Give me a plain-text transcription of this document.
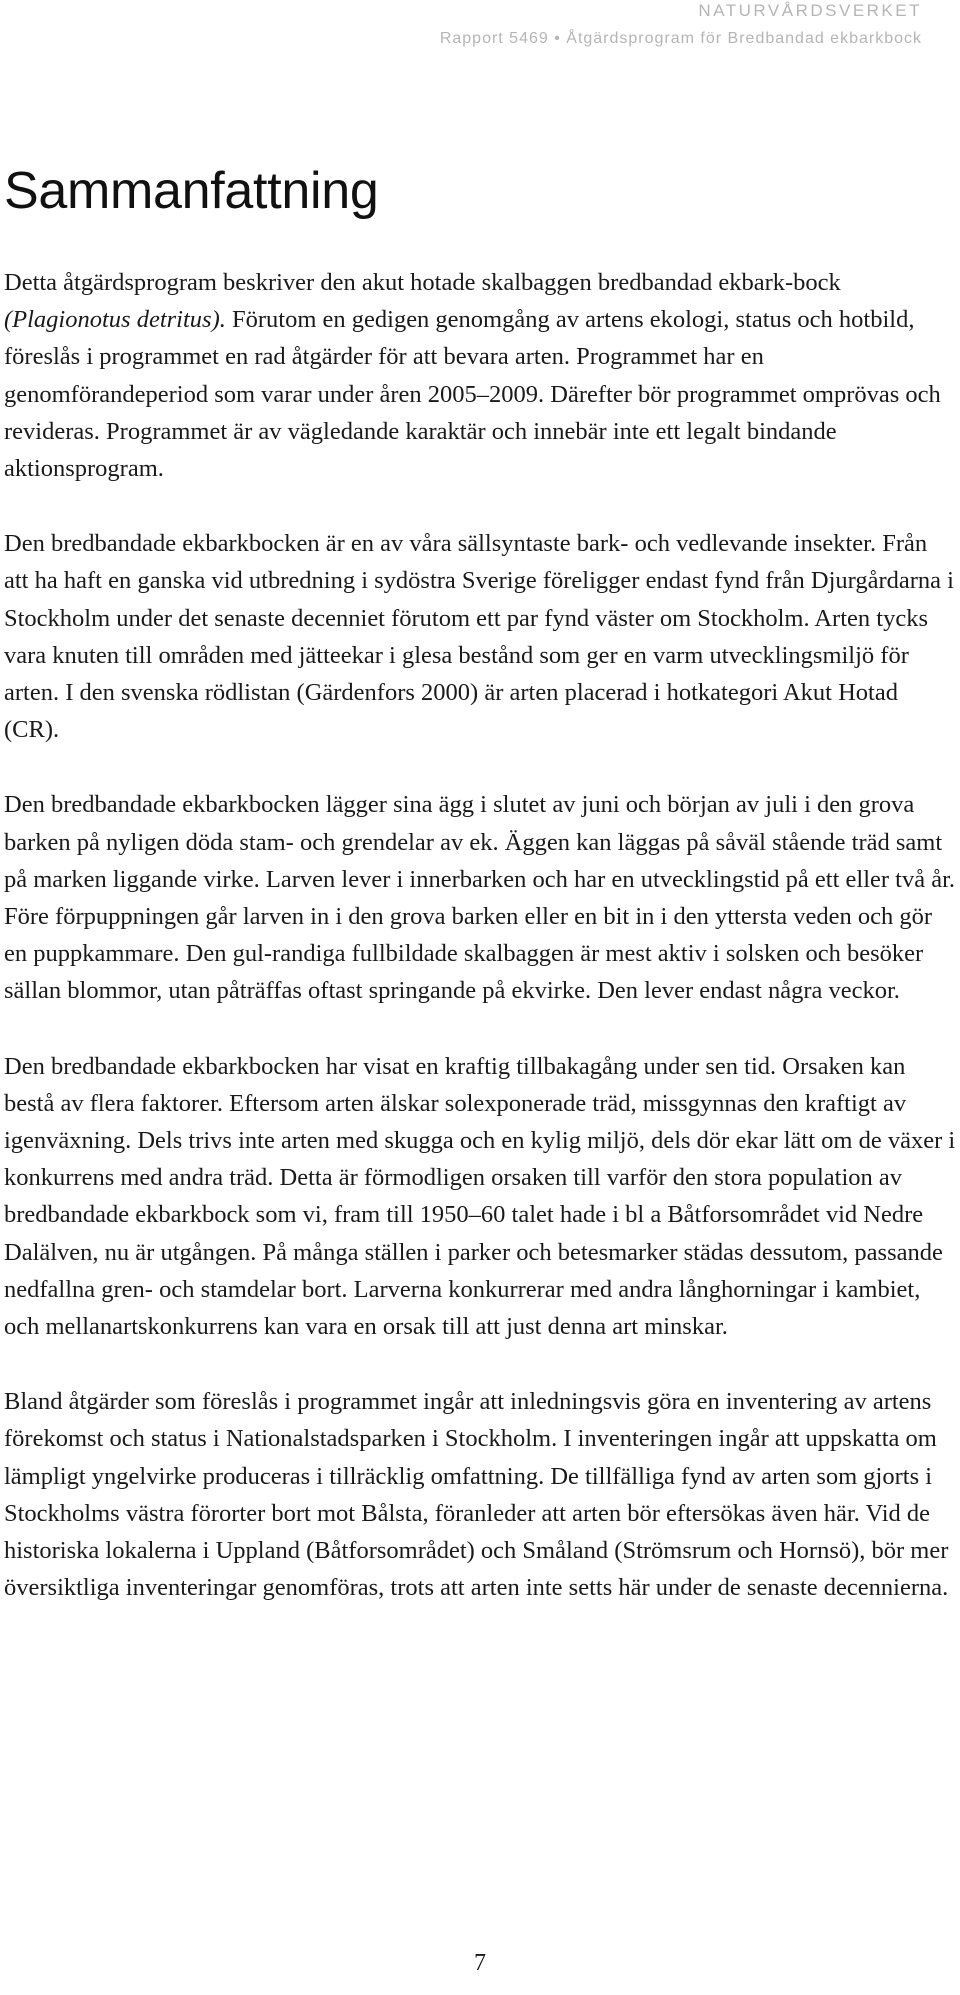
NATURVÅRDSVERKET
Rapport 5469 • Åtgärdsprogram för Bredbandad ekbarkbock
Sammanfattning

Detta åtgärdsprogram beskriver den akut hotade skalbaggen bredbandad ekbark-bock (Plagionotus detritus). Förutom en gedigen genomgång av artens ekologi, status och hotbild, föreslås i programmet en rad åtgärder för att bevara arten. Programmet har en genomförandeperiod som varar under åren 2005–2009. Därefter bör programmet omprövas och revideras. Programmet är av vägledande karaktär och innebär inte ett legalt bindande aktionsprogram.

Den bredbandade ekbarkbocken är en av våra sällsyntaste bark- och vedlevande insekter. Från att ha haft en ganska vid utbredning i sydöstra Sverige föreligger endast fynd från Djurgårdarna i Stockholm under det senaste decenniet förutom ett par fynd väster om Stockholm. Arten tycks vara knuten till områden med jätteekar i glesa bestånd som ger en varm utvecklingsmiljö för arten. I den svenska rödlistan (Gärdenfors 2000) är arten placerad i hotkategori Akut Hotad (CR).

Den bredbandade ekbarkbocken lägger sina ägg i slutet av juni och början av juli i den grova barken på nyligen döda stam- och grendelar av ek. Äggen kan läggas på såväl stående träd samt på marken liggande virke. Larven lever i innerbarken och har en utvecklingstid på ett eller två år. Före förpuppningen går larven in i den grova barken eller en bit in i den yttersta veden och gör en puppkammare. Den gul-randiga fullbildade skalbaggen är mest aktiv i solsken och besöker sällan blommor, utan påträffas oftast springande på ekvirke. Den lever endast några veckor.

Den bredbandade ekbarkbocken har visat en kraftig tillbakagång under sen tid. Orsaken kan bestå av flera faktorer. Eftersom arten älskar solexponerade träd, missgynnas den kraftigt av igenväxning. Dels trivs inte arten med skugga och en kylig miljö, dels dör ekar lätt om de växer i konkurrens med andra träd. Detta är förmodligen orsaken till varför den stora population av bredbandade ekbarkbock som vi, fram till 1950–60 talet hade i bl a Båtforsområdet vid Nedre Dalälven, nu är utgången. På många ställen i parker och betesmarker städas dessutom, passande nedfallna gren- och stamdelar bort. Larverna konkurrerar med andra långhorningar i kambiet, och mellanartskonkurrens kan vara en orsak till att just denna art minskar.

Bland åtgärder som föreslås i programmet ingår att inledningsvis göra en inventering av artens förekomst och status i Nationalstadsparken i Stockholm. I inventeringen ingår att uppskatta om lämpligt yngelvirke produceras i tillräcklig omfattning. De tillfälliga fynd av arten som gjorts i Stockholms västra förorter bort mot Bålsta, föranleder att arten bör eftersökas även här. Vid de historiska lokalerna i Uppland (Båtforsområdet) och Småland (Strömsrum och Hornsö), bör mer översiktliga inventeringar genomföras, trots att arten inte setts här under de senaste decennierna.

7
